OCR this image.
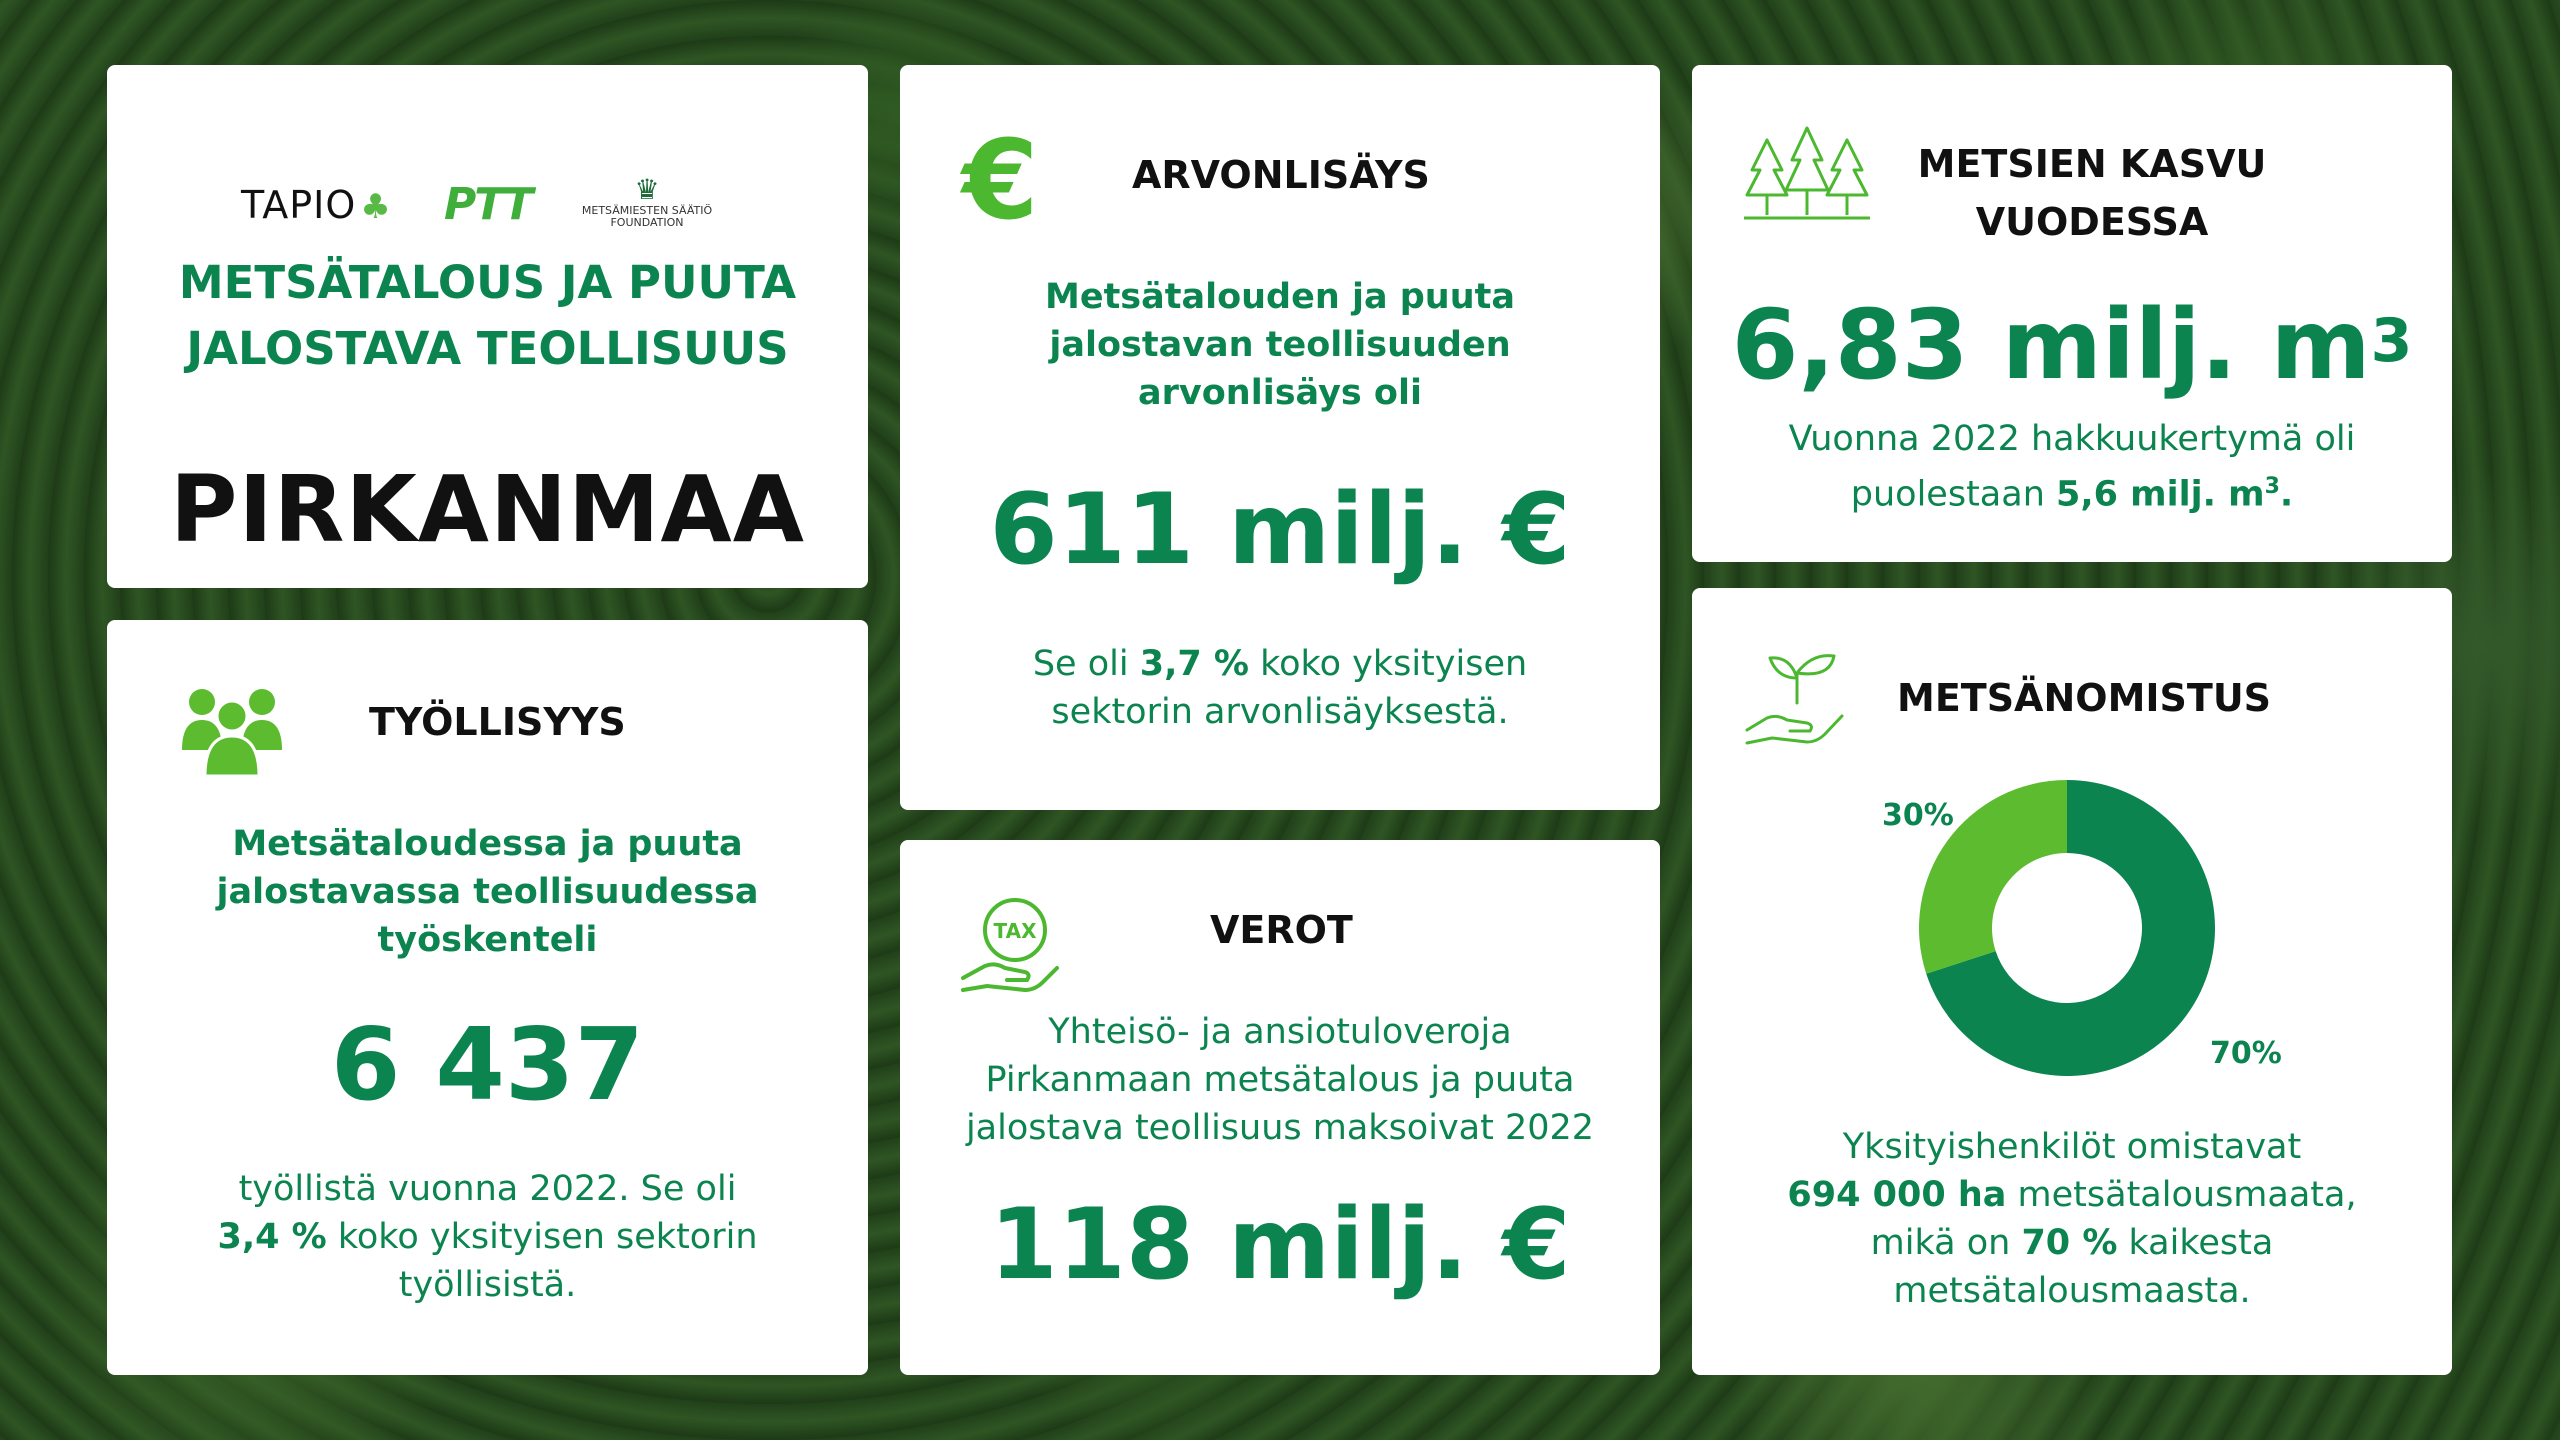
TAPIO ♣ PTT	♛
METSÄMIESTEN SÄÄTIÖ
FOUNDATION
METSÄTALOUS JA PUUTA
JALOSTAVA TEOLLISUUS
PIRKANMAA
TYÖLLISYYS
Metsätaloudessa ja puuta
jalostavassa teollisuudessa
työskenteli
6 437
työllistä vuonna 2022. Se oli
3,4 % koko yksityisen sektorin
työllisistä.
€ ARVONLISÄYS
Metsätalouden ja puuta
jalostavan teollisuuden
arvonlisäys oli
611 milj. €
Se oli 3,7 % koko yksityisen
sektorin arvonlisäyksestä.
TAX	VEROT
Yhteisö- ja ansiotuloveroja
Pirkanmaan metsätalous ja puuta
jalostava teollisuus maksoivat 2022
118 milj. €
METSIEN KASVU
VUODESSA
6,83 milj. $m^3$
Vuonna 2022 hakkuukertymä oli
puolestaan 5,6 milj. $m^3$.
METSÄNOMISTUS
30%
70%
Yksityishenkilöt omistavat
694 000 ha metsätalousmaata,
mikä on 70 % kaikesta
metsätalousmaasta.
